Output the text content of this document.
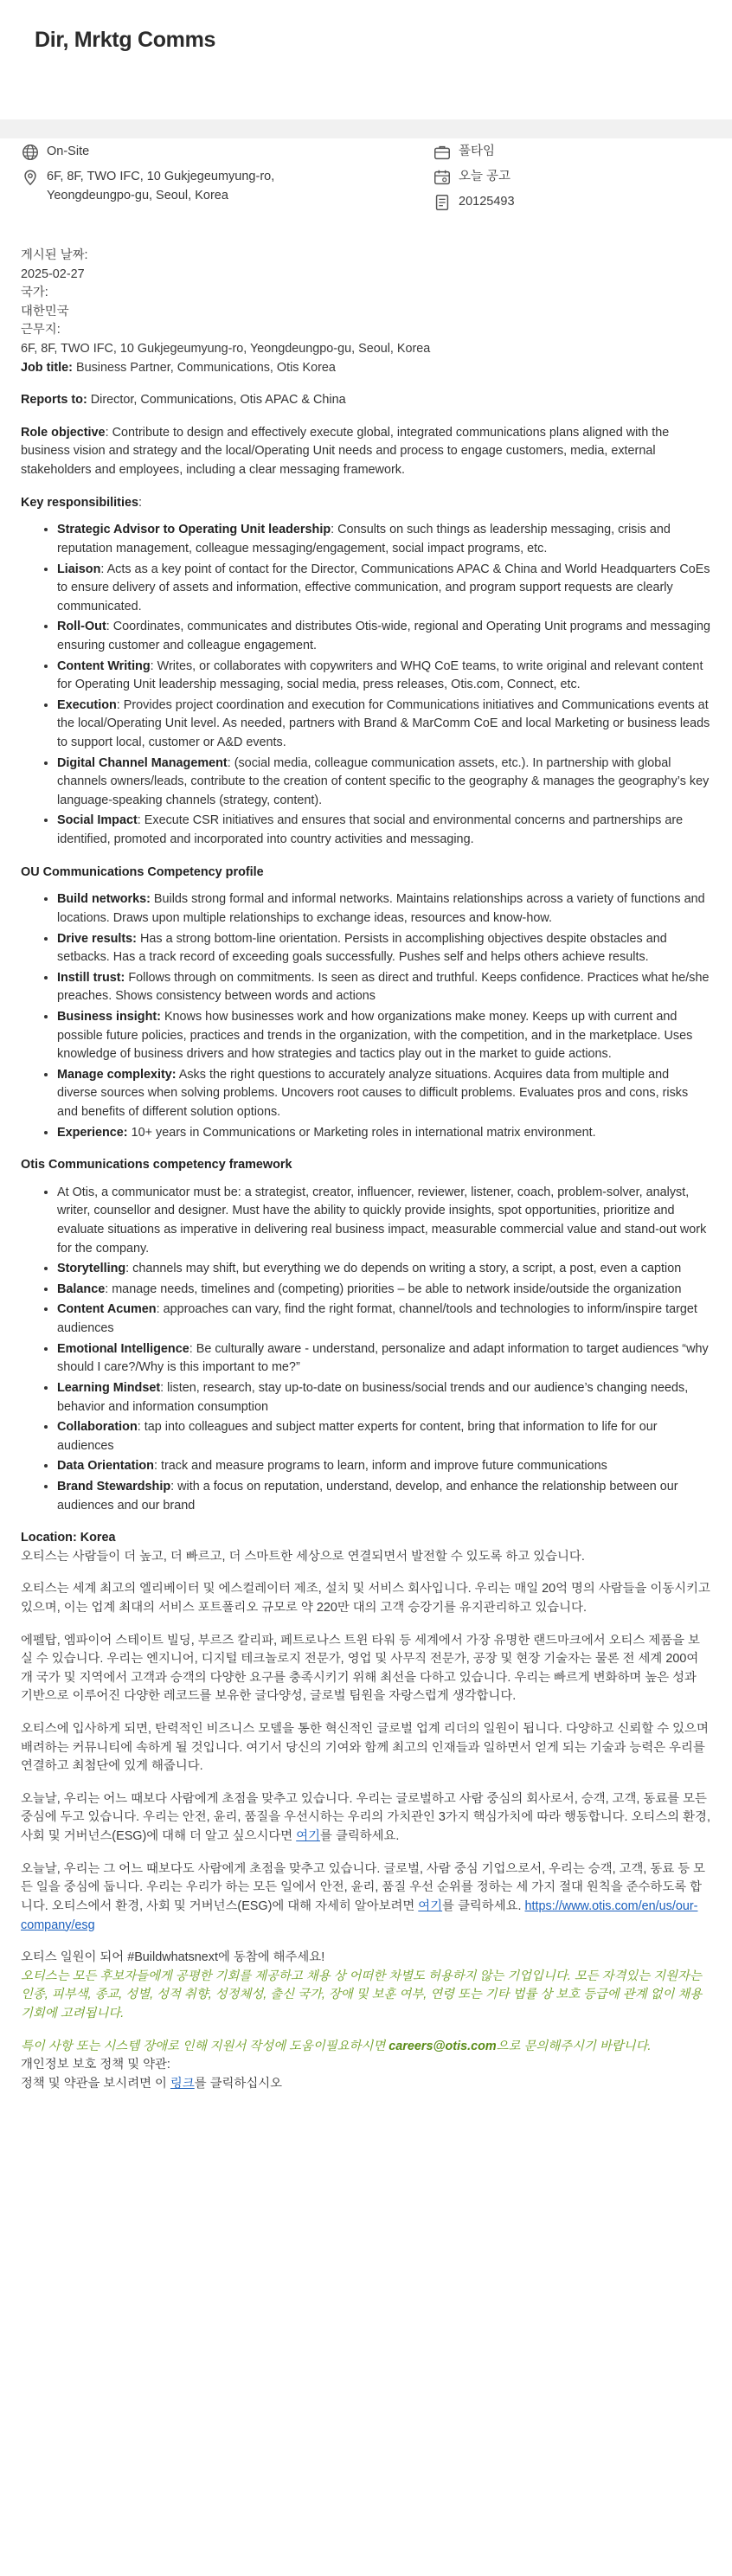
Dir, Mrktg Comms
On-Site
6F, 8F, TWO IFC, 10 Gukjegeumyung-ro,
Yeongdeungpo-gu, Seoul, Korea
풀타임
오늘 공고
20125493
게시된 날짜:
2025-02-27
국가:
대한민국
근무지:
6F, 8F, TWO IFC, 10 Gukjegeumyung-ro, Yeongdeungpo-gu, Seoul, Korea
Job title: Business Partner, Communications, Otis Korea

Reports to: Director, Communications, Otis APAC & China

Role objective: Contribute to design and effectively execute global, integrated communications plans aligned with the business vision and strategy and the local/Operating Unit needs and process to engage customers, media, external stakeholders and employees, including a clear messaging framework.

Key responsibilities:

• Strategic Advisor to Operating Unit leadership: Consults on such things as leadership messaging, crisis and reputation management, colleague messaging/engagement, social impact programs, etc.
• Liaison: Acts as a key point of contact for the Director, Communications APAC & China and World Headquarters CoEs to ensure delivery of assets and information, effective communication, and program support requests are clearly communicated.
• Roll-Out: Coordinates, communicates and distributes Otis-wide, regional and Operating Unit programs and messaging ensuring customer and colleague engagement.
• Content Writing: Writes, or collaborates with copywriters and WHQ CoE teams, to write original and relevant content for Operating Unit leadership messaging, social media, press releases, Otis.com, Connect, etc.
• Execution: Provides project coordination and execution for Communications initiatives and Communications events at the local/Operating Unit level. As needed, partners with Brand & MarComm CoE and local Marketing or business leads to support local, customer or A&D events.
• Digital Channel Management: (social media, colleague communication assets, etc.). In partnership with global channels owners/leads, contribute to the creation of content specific to the geography & manages the geography’s key language-speaking channels (strategy, content).
• Social Impact: Execute CSR initiatives and ensures that social and environmental concerns and partnerships are identified, promoted and incorporated into country activities and messaging.
OU Communications Competency profile
• Build networks: Builds strong formal and informal networks. Maintains relationships across a variety of functions and locations. Draws upon multiple relationships to exchange ideas, resources and know-how.
• Drive results: Has a strong bottom-line orientation. Persists in accomplishing objectives despite obstacles and setbacks. Has a track record of exceeding goals successfully. Pushes self and helps others achieve results.
• Instill trust: Follows through on commitments. Is seen as direct and truthful. Keeps confidence. Practices what he/she preaches. Shows consistency between words and actions
• Business insight: Knows how businesses work and how organizations make money. Keeps up with current and possible future policies, practices and trends in the organization, with the competition, and in the marketplace. Uses knowledge of business drivers and how strategies and tactics play out in the market to guide actions.
• Manage complexity: Asks the right questions to accurately analyze situations. Acquires data from multiple and diverse sources when solving problems. Uncovers root causes to difficult problems. Evaluates pros and cons, risks and benefits of different solution options.
• Experience: 10+ years in Communications or Marketing roles in international matrix environment.
Otis Communications competency framework
• At Otis, a communicator must be: a strategist, creator, influencer, reviewer, listener, coach, problem-solver, analyst, writer, counsellor and designer. Must have the ability to quickly provide insights, spot opportunities, prioritize and evaluate situations as imperative in delivering real business impact, measurable commercial value and stand-out work for the company.
• Storytelling: channels may shift, but everything we do depends on writing a story, a script, a post, even a caption
• Balance: manage needs, timelines and (competing) priorities – be able to network inside/outside the organization
• Content Acumen: approaches can vary, find the right format, channel/tools and technologies to inform/inspire target audiences
• Emotional Intelligence: Be culturally aware - understand, personalize and adapt information to target audiences “why should I care?/Why is this important to me?”
• Learning Mindset: listen, research, stay up-to-date on business/social trends and our audience’s changing needs, behavior and information consumption
• Collaboration: tap into colleagues and subject matter experts for content, bring that information to life for our audiences
• Data Orientation: track and measure programs to learn, inform and improve future communications
• Brand Stewardship: with a focus on reputation, understand, develop, and enhance the relationship between our audiences and our brand
Location: Korea
오티스는 사람들이 더 높고, 더 빠르고, 더 스마트한 세상으로 연결되면서 발전할 수 있도록 하고 있습니다.

오티스는 세계 최고의 엘리베이터 및 에스컬레이터 제조, 설치 및 서비스 회사입니다. 우리는 매일 20억 명의 사람들을 이동시키고 있으며, 이는 업계 최대의 서비스 포트폴리오 규모로 약 220만 대의 고객 승강기를 유지관리하고 있습니다.

에펠탑, 엠파이어 스테이트 빌딩, 부르즈 칼리파, 페트로나스 트윈 타워 등 세계에서 가장 유명한 랜드마크에서 오티스 제품을 보실 수 있습니다. 우리는 엔지니어, 디지털 테크놀로지 전문가, 영업 및 사무직 전문가, 공장 및 현장 기술자는 물론 전 세계 200여 개 국가 및 지역에서 고객과 승객의 다양한 요구를 충족시키기 위해 최선을 다하고 있습니다. 우리는 빠르게 변화하며 높은 성과 기반으로 이루어진 다양한 레코드를 보유한 글다양성, 글로벌 팀원을 자랑스럽게 생각합니다.

오티스에 입사하게 되면, 탄력적인 비즈니스 모델을 통한 혁신적인 글로벌 업계 리더의 일원이 됩니다. 다양하고 신뢰할 수 있으며 배려하는 커뮤니티에 속하게 될 것입니다. 여기서 당신의 기여와 함께 최고의 인재들과 일하면서 얻게 되는 기술과 능력은 우리를 연결하고 최첨단에 있게 해줍니다.

오늘날, 우리는 어느 때보다 사람에게 초점을 맞추고 있습니다. 우리는 글로벌하고 사람 중심의 회사로서, 승객, 고객, 동료를 모든 중심에 두고 있습니다. 우리는 안전, 윤리, 품질을 우선시하는 우리의 가치관인 3가지 핵심가치에 따라 행동합니다. 오티스의 환경, 사회 및 거버넌스(ESG)에 대해 더 알고 싶으시다면 여기를 클릭하세요.

오늘날, 우리는 그 어느 때보다도 사람에게 초점을 맞추고 있습니다. 글로벌, 사람 중심 기업으로서, 우리는 승객, 고객, 동료 등 모든 일을 중심에 둡니다. 우리는 우리가 하는 모든 일에서 안전, 윤리, 품질 우선 순위를 정하는 세 가지 절대 원칙을 준수하도록 합니다. 오티스에서 환경, 사회 및 거버넌스(ESG)에 대해 자세히 알아보려면 여기를 클릭하세요. https://www.otis.com/en/us/our-company/esg

오티스 일원이 되어 #Buildwhatsnext에 동참에 해주세요!
오티스는 모든 후보자들에게 공평한 기회를 제공하고 채용 상 어떠한 차별도 허용하지 않는 기업입니다. 모든 자격있는 지원자는 인종, 피부색, 종교, 성별, 성적 취향, 성정체성, 출신 국가, 장애 및 보훈 여부, 연령 또는 기타 법률 상 보호 등급에 관계 없이 채용 기회에 고려됩니다.

특이 사항 또는 시스템 장애로 인해 지원서 작성에 도움이필요하시면 careers@otis.com으로 문의해주시기 바랍니다.

개인정보 보호 정책 및 약관:
정책 및 약관을 보시려면 이 링크를 클릭하십시오
